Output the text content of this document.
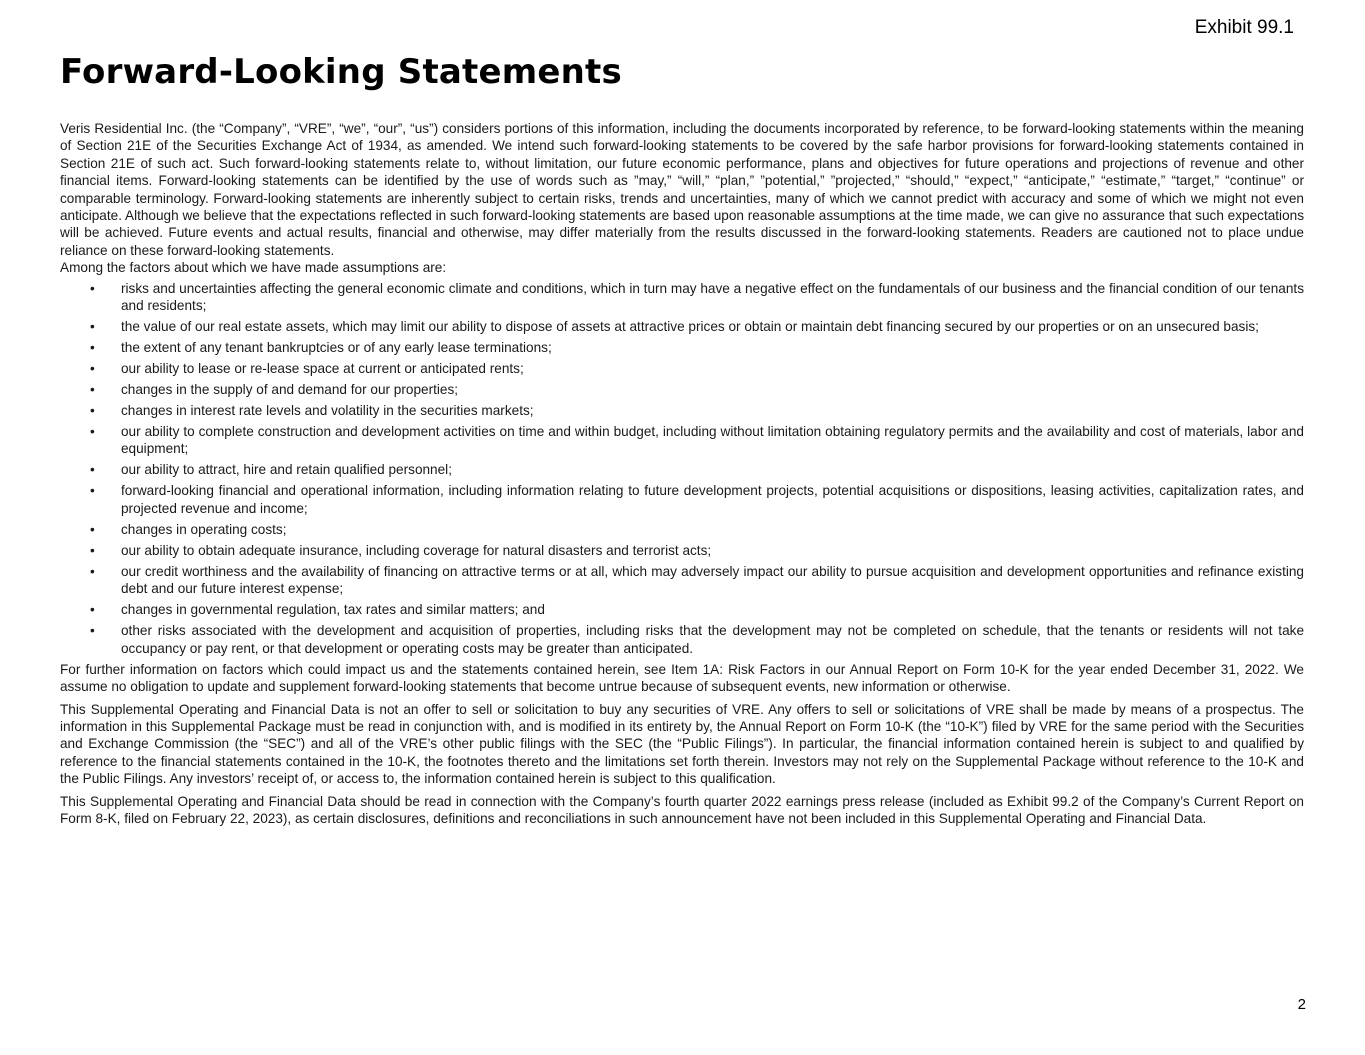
Exhibit 99.1
Forward-Looking Statements

Veris Residential Inc. (the “Company”, “VRE”, “we”, “our”, “us”) considers portions of this information, including the documents incorporated by reference, to be forward-looking statements within the meaning of Section 21E of the Securities Exchange Act of 1934, as amended. We intend such forward-looking statements to be covered by the safe harbor provisions for forward-looking statements contained in Section 21E of such act. Such forward-looking statements relate to, without limitation, our future economic performance, plans and objectives for future operations and projections of revenue and other financial items. Forward-looking statements can be identified by the use of words such as ”may,” “will,” “plan,” ”potential,” ”projected,” “should,” “expect,” “anticipate,” “estimate,” “target,” “continue” or comparable terminology. Forward-looking statements are inherently subject to certain risks, trends and uncertainties, many of which we cannot predict with accuracy and some of which we might not even anticipate. Although we believe that the expectations reflected in such forward-looking statements are based upon reasonable assumptions at the time made, we can give no assurance that such expectations will be achieved. Future events and actual results, financial and otherwise, may differ materially from the results discussed in the forward-looking statements. Readers are cautioned not to place undue reliance on these forward-looking statements.

Among the factors about which we have made assumptions are:

• risks and uncertainties affecting the general economic climate and conditions, which in turn may have a negative effect on the fundamentals of our business and the financial condition of our tenants and residents;
• the value of our real estate assets, which may limit our ability to dispose of assets at attractive prices or obtain or maintain debt financing secured by our properties or on an unsecured basis;
• the extent of any tenant bankruptcies or of any early lease terminations;
• our ability to lease or re-lease space at current or anticipated rents;
• changes in the supply of and demand for our properties;
• changes in interest rate levels and volatility in the securities markets;
• our ability to complete construction and development activities on time and within budget, including without limitation obtaining regulatory permits and the availability and cost of materials, labor and equipment;
• our ability to attract, hire and retain qualified personnel;
• forward-looking financial and operational information, including information relating to future development projects, potential acquisitions or dispositions, leasing activities, capitalization rates, and projected revenue and income;
• changes in operating costs;
• our ability to obtain adequate insurance, including coverage for natural disasters and terrorist acts;
• our credit worthiness and the availability of financing on attractive terms or at all, which may adversely impact our ability to pursue acquisition and development opportunities and refinance existing debt and our future interest expense;
• changes in governmental regulation, tax rates and similar matters; and
• other risks associated with the development and acquisition of properties, including risks that the development may not be completed on schedule, that the tenants or residents will not take occupancy or pay rent, or that development or operating costs may be greater than anticipated.

For further information on factors which could impact us and the statements contained herein, see Item 1A: Risk Factors in our Annual Report on Form 10-K for the year ended December 31, 2022. We assume no obligation to update and supplement forward-looking statements that become untrue because of subsequent events, new information or otherwise.

This Supplemental Operating and Financial Data is not an offer to sell or solicitation to buy any securities of VRE. Any offers to sell or solicitations of VRE shall be made by means of a prospectus. The information in this Supplemental Package must be read in conjunction with, and is modified in its entirety by, the Annual Report on Form 10-K (the “10-K”) filed by VRE for the same period with the Securities and Exchange Commission (the “SEC”) and all of the VRE’s other public filings with the SEC (the “Public Filings”). In particular, the financial information contained herein is subject to and qualified by reference to the financial statements contained in the 10-K, the footnotes thereto and the limitations set forth therein. Investors may not rely on the Supplemental Package without reference to the 10-K and the Public Filings. Any investors’ receipt of, or access to, the information contained herein is subject to this qualification.

This Supplemental Operating and Financial Data should be read in connection with the Company’s fourth quarter 2022 earnings press release (included as Exhibit 99.2 of the Company’s Current Report on Form 8-K, filed on February 22, 2023), as certain disclosures, definitions and reconciliations in such announcement have not been included in this Supplemental Operating and Financial Data.

2
